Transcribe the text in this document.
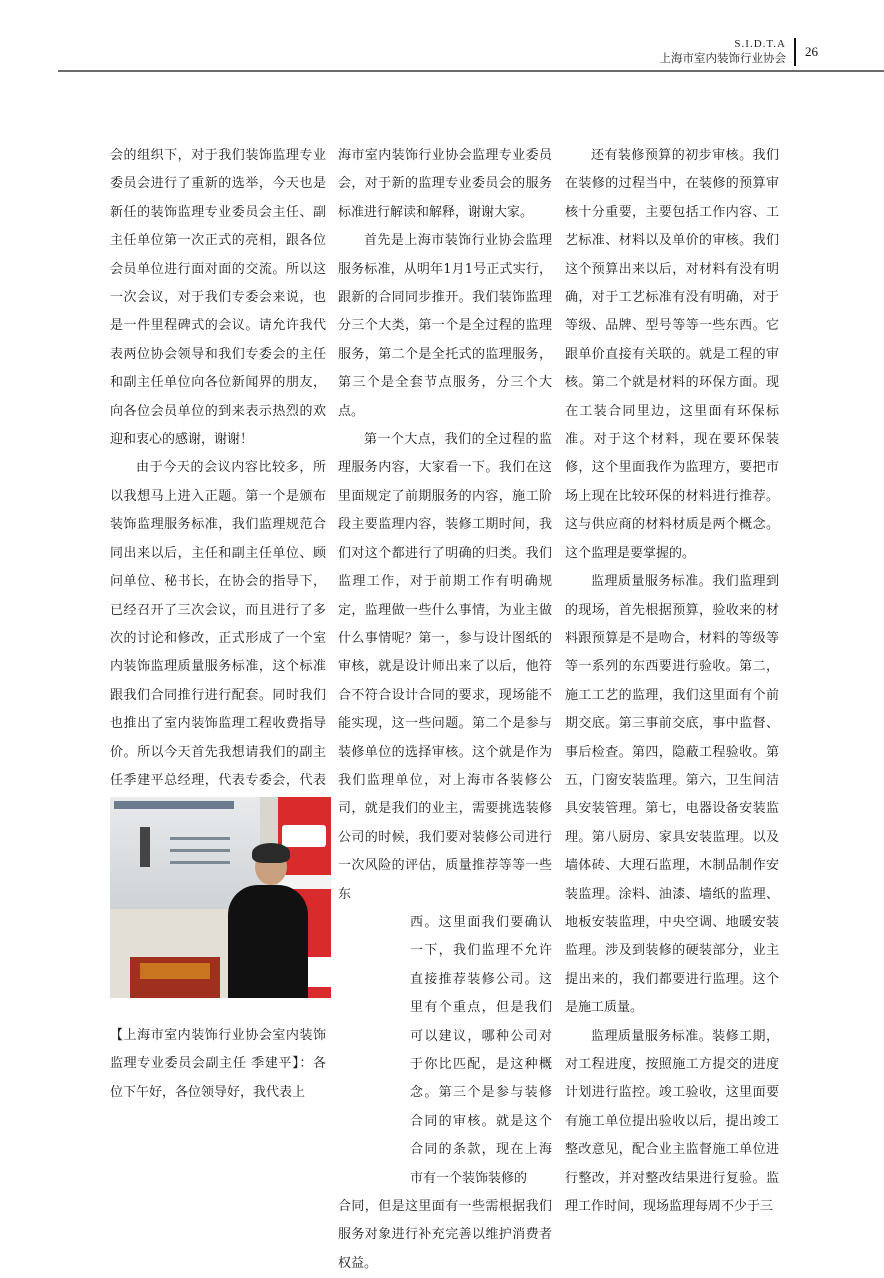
S.I.D.T.A
上海市室内装饰行业协会 26

会的组织下，对于我们装饰监理专业委员会进行了重新的选举，今天也是新任的装饰监理专业委员会主任、副主任单位第一次正式的亮相，跟各位会员单位进行面对面的交流。所以这一次会议，对于我们专委会来说，也是一件里程碑式的会议。请允许我代表两位协会领导和我们专委会的主任和副主任单位向各位新闻界的朋友，向各位会员单位的到来表示热烈的欢迎和衷心的感谢，谢谢！

由于今天的会议内容比较多，所以我想马上进入正题。第一个是颁布装饰监理服务标准，我们监理规范合同出来以后，主任和副主任单位、顾问单位、秘书长，在协会的指导下，已经召开了三次会议，而且进行了多次的讨论和修改，正式形成了一个室内装饰监理质量服务标准，这个标准跟我们合同推行进行配套。同时我们也推出了室内装饰监理工程收费指导价。所以今天首先我想请我们的副主任季建平总经理，代表专委会，代表

海市室内装饰行业协会监理专业委员会，对于新的监理专业委员会的服务标准进行解读和解释，谢谢大家。

首先是上海市装饰行业协会监理服务标准，从明年1月1号正式实行，跟新的合同同步推开。我们装饰监理分三个大类，第一个是全过程的监理服务，第二个是全托式的监理服务，第三个是全套节点服务，分三个大点。

第一个大点，我们的全过程的监理服务内容，大家看一下。我们在这里面规定了前期服务的内容，施工阶段主要监理内容，装修工期时间，我们对这个都进行了明确的归类。我们监理工作，对于前期工作有明确规定，监理做一些什么事情，为业主做什么事情呢？第一，参与设计图纸的审核，就是设计师出来了以后，他符合不符合设计合同的要求，现场能不能实现，这一些问题。第二个是参与装修单位的选择审核。这个就是作为我们监理单位，对上海市各装修公司，就是我们的业主，需要挑选装修公司的时候，我们要对装修公司进行一次风险的评估，质量推荐等等一些东

西。这里面我们要确认一下，我们监理不允许直接推荐装修公司。这里有个重点，但是我们可以建议，哪种公司对于你比匹配，是这种概念。第三个是参与装修合同的审核。就是这个合同的条款，现在上海市有一个装饰装修的

合同，但是这里面有一些需根据我们服务对象进行补充完善以维护消费者权益。

还有装修预算的初步审核。我们在装修的过程当中，在装修的预算审核十分重要，主要包括工作内容、工艺标准、材料以及单价的审核。我们这个预算出来以后，对材料有没有明确，对于工艺标准有没有明确，对于等级、品牌、型号等等一些东西。它跟单价直接有关联的。就是工程的审核。第二个就是材料的环保方面。现在工装合同里边，这里面有环保标准。对于这个材料，现在要环保装修，这个里面我作为监理方，要把市场上现在比较环保的材料进行推荐。这与供应商的材料材质是两个概念。这个监理是要掌握的。

监理质量服务标准。我们监理到的现场，首先根据预算，验收来的材料跟预算是不是吻合，材料的等级等等一系列的东西要进行验收。第二，施工工艺的监理，我们这里面有个前期交底。第三事前交底，事中监督、事后检查。第四，隐蔽工程验收。第五，门窗安装监理。第六，卫生间洁具安装管理。第七，电器设备安装监理。第八厨房、家具安装监理。以及墙体砖、大理石监理，木制品制作安装监理。涂料、油漆、墙纸的监理、地板安装监理，中央空调、地暖安装监理。涉及到装修的硬装部分，业主提出来的，我们都要进行监理。这个是施工质量。

监理质量服务标准。装修工期，对工程进度，按照施工方提交的进度计划进行监控。竣工验收，这里面要有施工单位提出验收以后，提出竣工整改意见，配合业主监督施工单位进行整改，并对整改结果进行复验。监理工作时间，现场监理每周不少于三

【上海市室内装饰行业协会室内装饰监理专业委员会副主任 季建平】：各位下午好，各位领导好，我代表上
